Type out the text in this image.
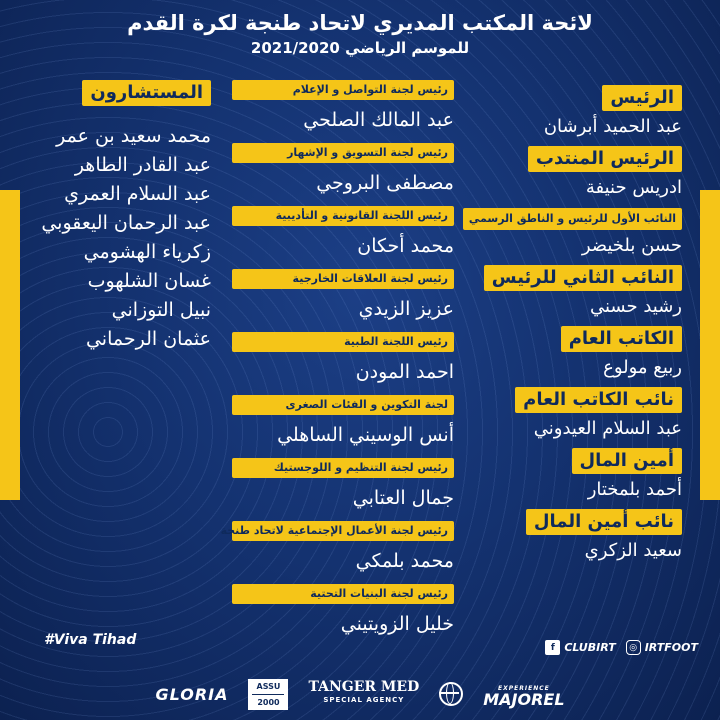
لائحة المكتب المديري لاتحاد طنجة لكرة القدم
للموسم الرياضي 2021/2020
الرئيس
عبد الحميد أبرشان
الرئيس المنتدب
ادريس حنيفة
النائب الأول للرئيس و الناطق الرسمي
حسن بلخيضر
النائب الثاني للرئيس
رشيد حسني
الكاتب العام
ربيع مولوع
نائب الكاتب العام
عبد السلام العيدوني
أمين المال
أحمد بلمختار
نائب أمين المال
سعيد الزكري
رئيس لجنة التواصل و الإعلام
عبد المالك الصلحي
رئيس لجنة التسويق و الإشهار
مصطفى البروجي
رئيس اللجنة القانونية و التأديبية
محمد أحكان
رئيس لجنة العلاقات الخارجية
عزيز الزيدي
رئيس اللجنة الطبية
احمد المودن
لجنة التكوين و الفئات الصغرى
أنس الوسيني الساهلي
رئيس لجنة التنظيم و اللوجستيك
جمال العتابي
رئيس لجنة الأعمال الإجتماعية لاتحاد طنجة
محمد بلمكي
رئيس لجنة البنيات التحتية
خليل الزويتيني
المستشارون
محمد سعيد بن عمر
عبد القادر الطاهر
عبد السلام العمري
عبد الرحمان اليعقوبي
زكرياء الهشومي
غسان الشلهوب
نبيل التوزاني
عثمان الرحماني
#Viva Tihad	f CLUBIRT	◎ IRTFOOT
GLORIA	ASSU
2000
TANGER MED
SPECIAL AGENCY
EXPERIENCE
MAJOREL
